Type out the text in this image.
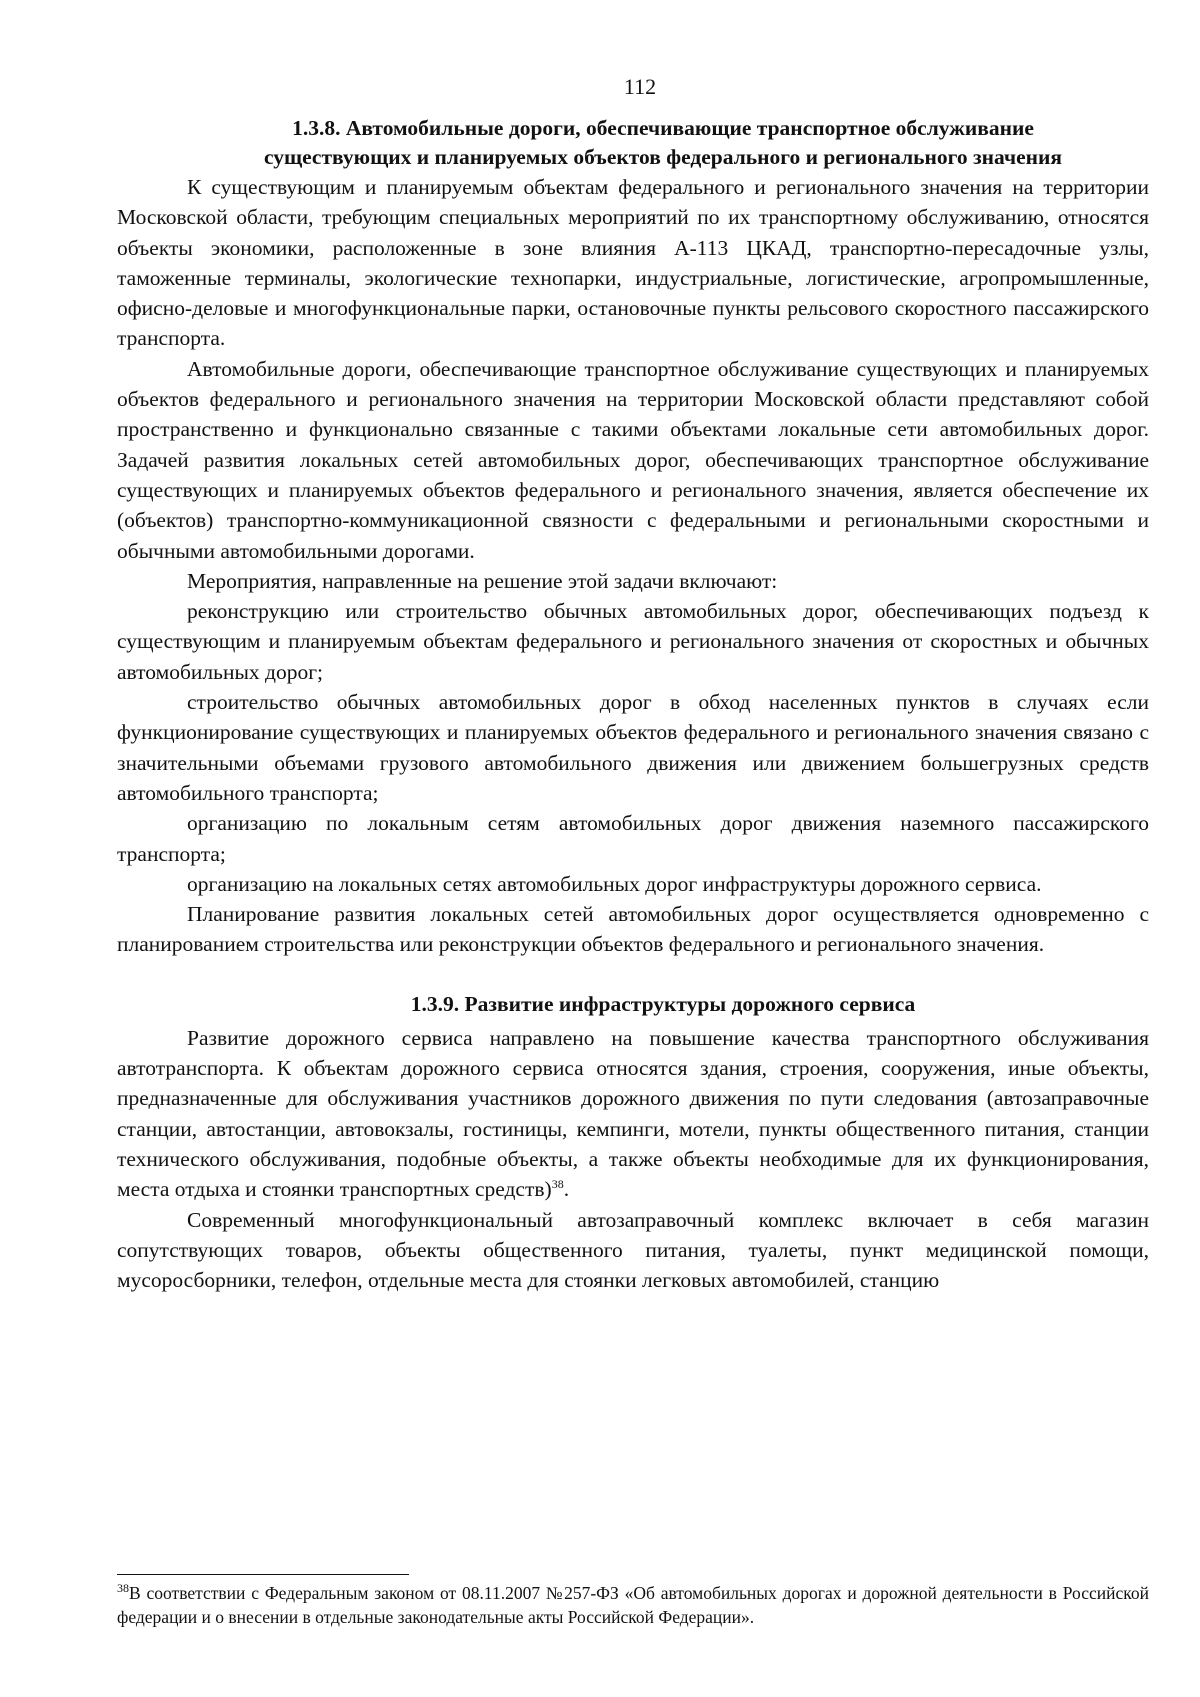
112
1.3.8. Автомобильные дороги, обеспечивающие транспортное обслуживание
существующих и планируемых объектов федерального и регионального значения

К существующим и планируемым объектам федерального и регионального значения на территории Московской области, требующим специальных мероприятий по их транспортному обслуживанию, относятся объекты экономики, расположенные в зоне влияния А-113 ЦКАД, транспортно-пересадочные узлы, таможенные терминалы, экологические технопарки, индустриальные, логистические, агропромышленные, офисно-деловые и многофункциональные парки, остановочные пункты рельсового скоростного пассажирского транспорта.

Автомобильные дороги, обеспечивающие транспортное обслуживание существующих и планируемых объектов федерального и регионального значения на территории Московской области представляют собой пространственно и функционально связанные с такими объектами локальные сети автомобильных дорог. Задачей развития локальных сетей автомобильных дорог, обеспечивающих транспортное обслуживание существующих и планируемых объектов федерального и регионального значения, является обеспечение их (объектов) транспортно-коммуникационной связности с федеральными и региональными скоростными и обычными автомобильными дорогами.

Мероприятия, направленные на решение этой задачи включают:

реконструкцию или строительство обычных автомобильных дорог, обеспечивающих подъезд к существующим и планируемым объектам федерального и регионального значения от скоростных и обычных автомобильных дорог;

строительство обычных автомобильных дорог в обход населенных пунктов в случаях если функционирование существующих и планируемых объектов федерального и регионального значения связано с значительными объемами грузового автомобильного движения или движением большегрузных средств автомобильного транспорта;

организацию по локальным сетям автомобильных дорог движения наземного пассажирского транспорта;

организацию на локальных сетях автомобильных дорог инфраструктуры дорожного сервиса.

Планирование развития локальных сетей автомобильных дорог осуществляется одновременно с планированием строительства или реконструкции объектов федерального и регионального значения.

1.3.9. Развитие инфраструктуры дорожного сервиса

Развитие дорожного сервиса направлено на повышение качества транспортного обслуживания автотранспорта. К объектам дорожного сервиса относятся здания, строения, сооружения, иные объекты, предназначенные для обслуживания участников дорожного движения по пути следования (автозаправочные станции, автостанции, автовокзалы, гостиницы, кемпинги, мотели, пункты общественного питания, станции технического обслуживания, подобные объекты, а также объекты необходимые для их функционирования, места отдыха и стоянки транспортных средств)$^{38}$.

Современный многофункциональный автозаправочный комплекс включает в себя магазин сопутствующих товаров, объекты общественного питания, туалеты, пункт медицинской помощи, мусоросборники, телефон, отдельные места для стоянки легковых автомобилей, станцию

$^{38}$В соответствии с Федеральным законом от 08.11.2007 №257-ФЗ «Об автомобильных дорогах и дорожной деятельности в Российской федерации и о внесении в отдельные законодательные акты Российской Федерации».
